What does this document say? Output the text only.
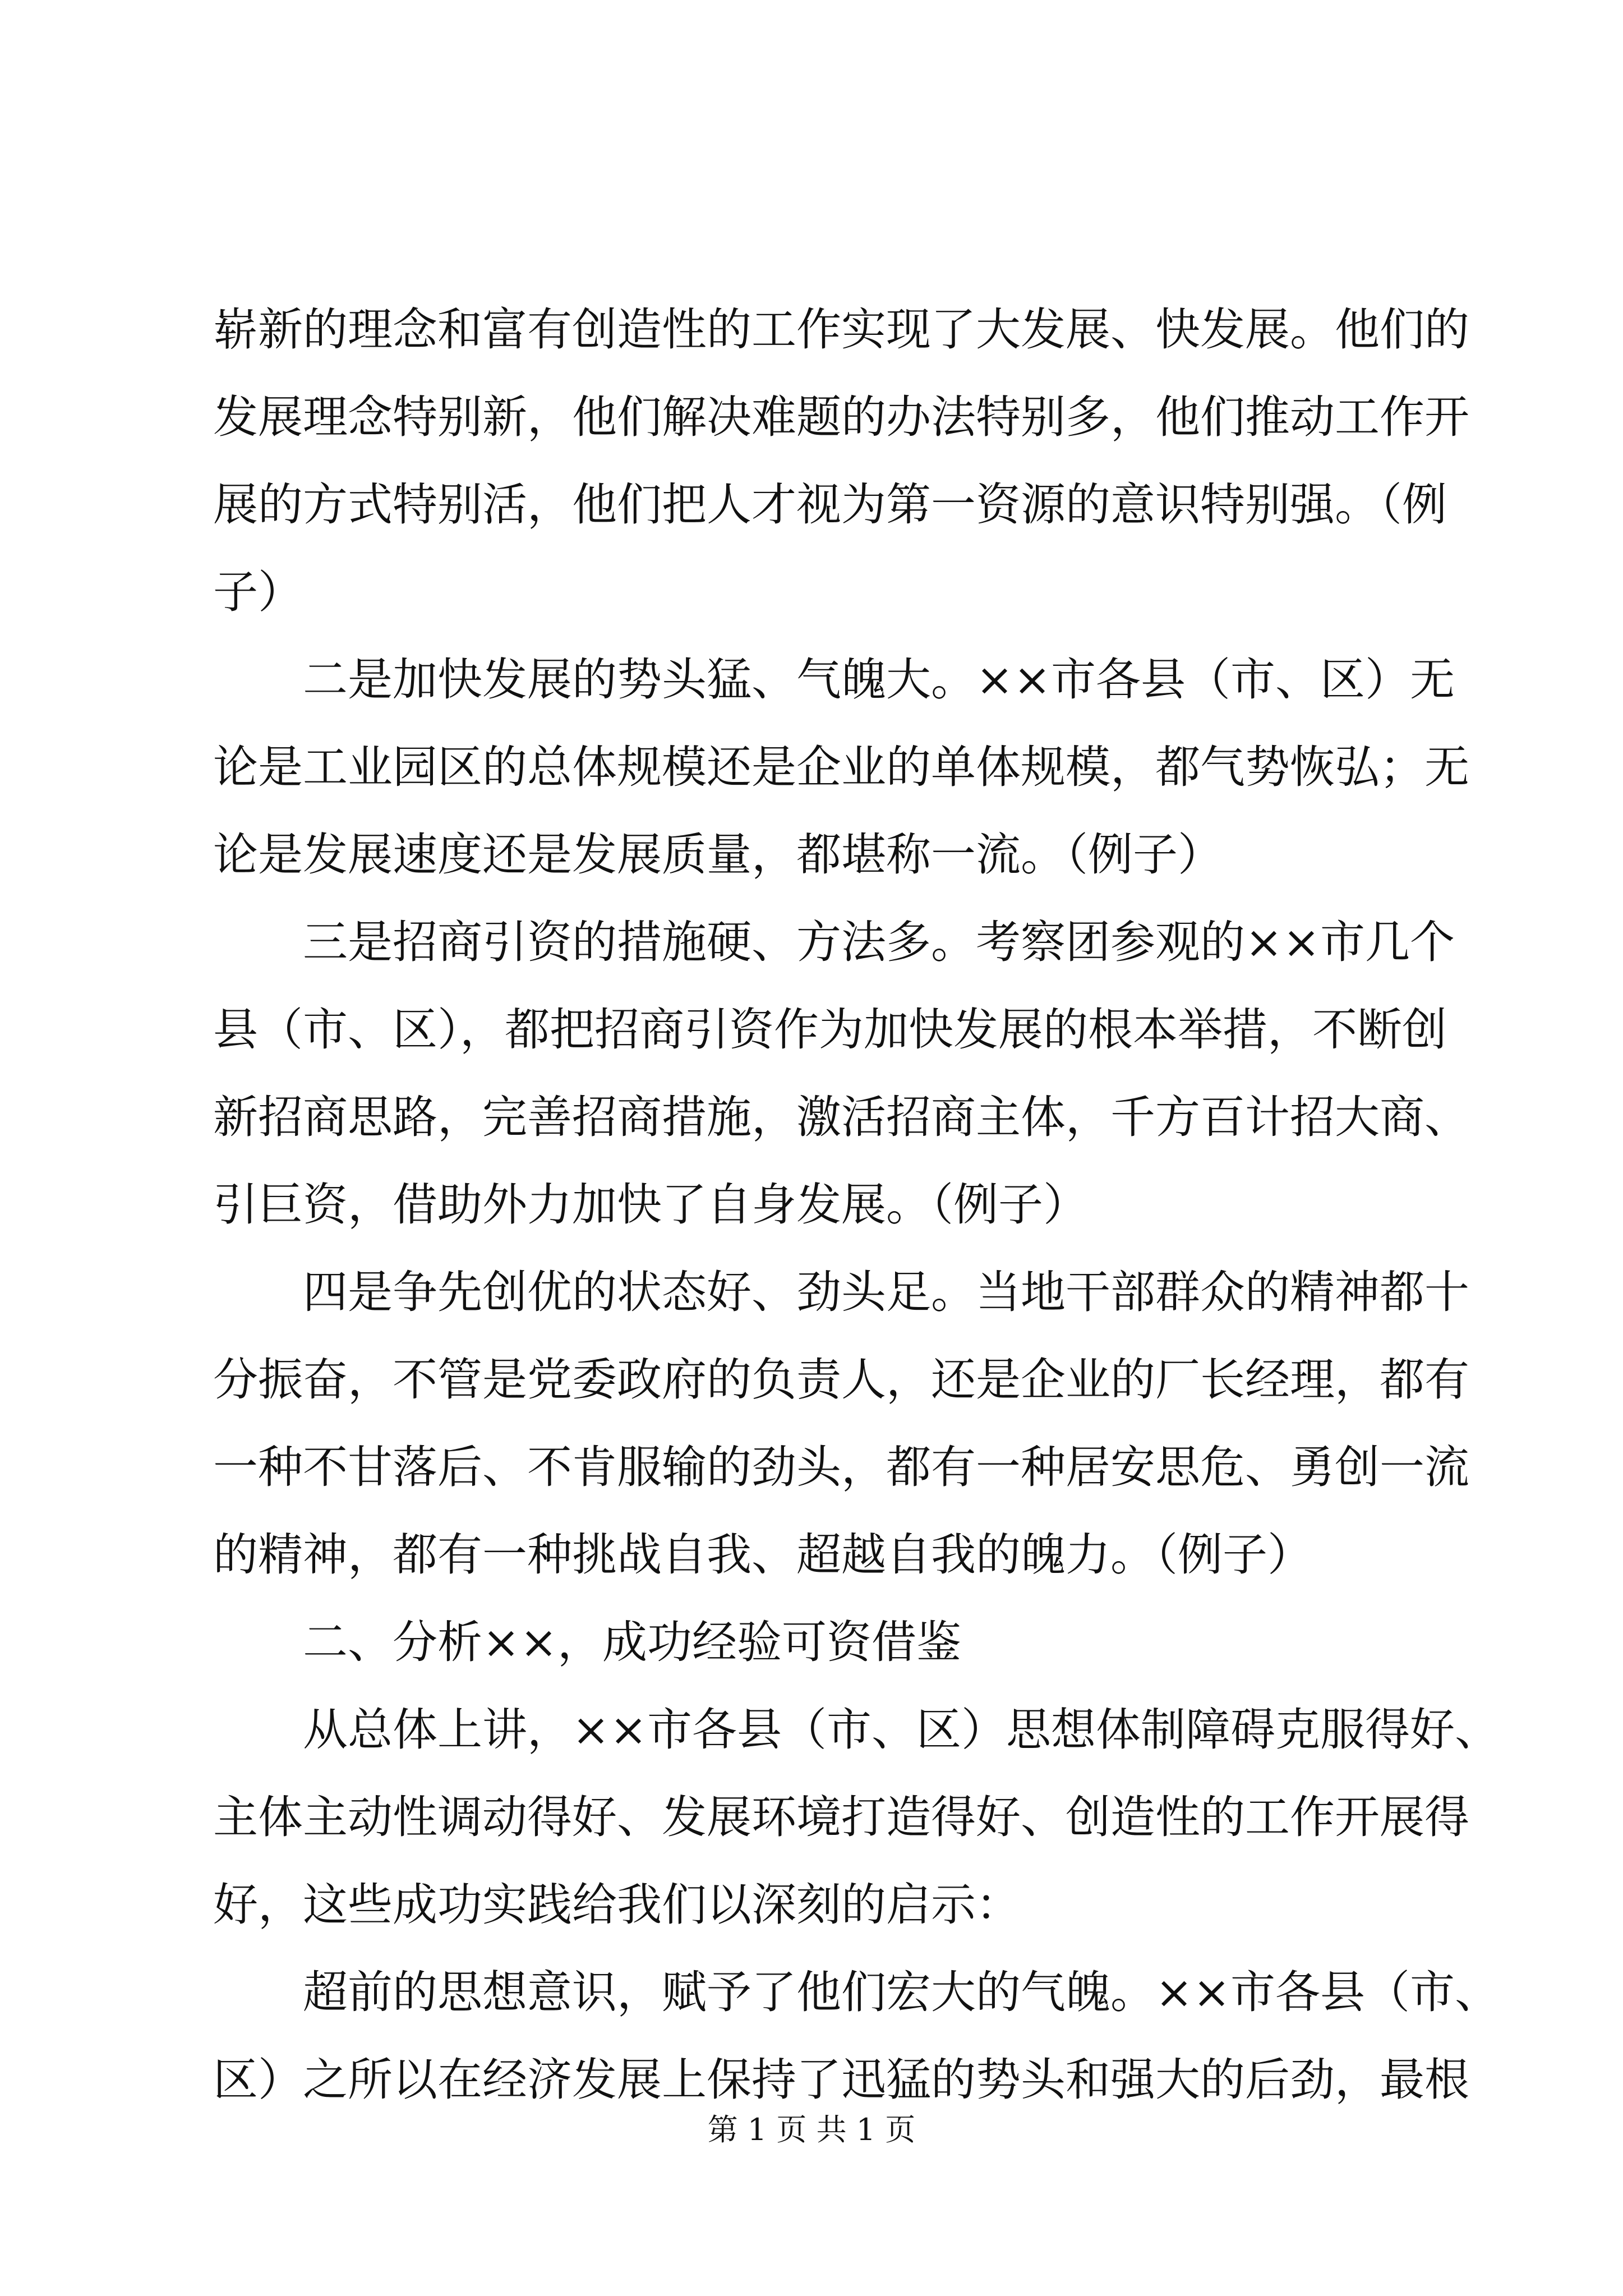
崭新的理念和富有创造性的工作实现了大发展、快发展。他们的
发展理念特别新，他们解决难题的办法特别多，他们推动工作开
展的方式特别活，他们把人才视为第一资源的意识特别强。（例
子）
二是加快发展的势头猛、气魄大。××市各县（市、区）无
论是工业园区的总体规模还是企业的单体规模，都气势恢弘；无
论是发展速度还是发展质量，都堪称一流。（例子）
三是招商引资的措施硬、方法多。考察团参观的××市几个
县（市、区），都把招商引资作为加快发展的根本举措，不断创
新招商思路，完善招商措施，激活招商主体，千方百计招大商、
引巨资，借助外力加快了自身发展。（例子）
四是争先创优的状态好、劲头足。当地干部群众的精神都十
分振奋，不管是党委政府的负责人，还是企业的厂长经理，都有
一种不甘落后、不肯服输的劲头，都有一种居安思危、勇创一流
的精神，都有一种挑战自我、超越自我的魄力。（例子）
二、分析××，成功经验可资借鉴
从总体上讲，××市各县（市、区）思想体制障碍克服得好、
主体主动性调动得好、发展环境打造得好、创造性的工作开展得
好，这些成功实践给我们以深刻的启示：
超前的思想意识，赋予了他们宏大的气魄。××市各县（市、
区）之所以在经济发展上保持了迅猛的势头和强大的后劲，最根
第 1 页 共 1 页
